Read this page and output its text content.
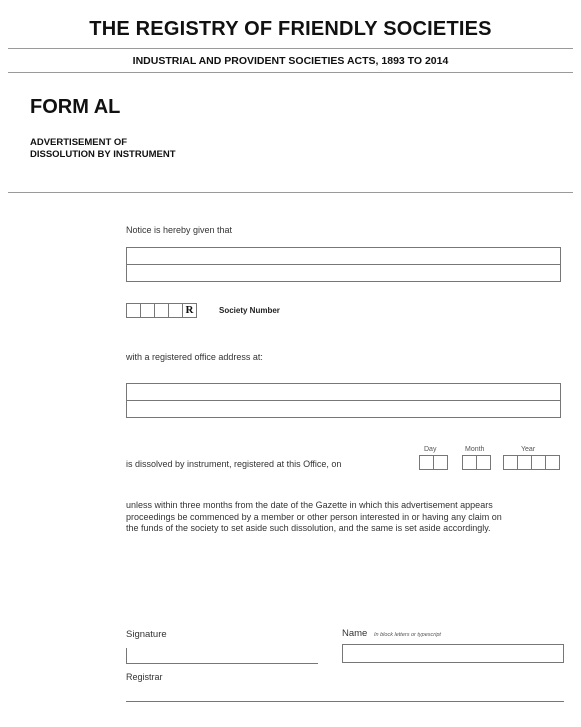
THE REGISTRY OF FRIENDLY SOCIETIES
INDUSTRIAL AND PROVIDENT SOCIETIES ACTS, 1893 TO 2014
FORM AL
ADVERTISEMENT OF
DISSOLUTION BY INSTRUMENT
Notice is hereby given that
R	Society Number
with a registered office address at:
is dissolved by instrument, registered at this Office, on
Day	Month	Year
unless within three months from the date of the Gazette in which this advertisement appears
proceedings be commenced by a member or other person interested in or having any claim on
the funds of the society to set aside such dissolution, and the same is set aside accordingly.
Signature	Name In block letters or typescript
Registrar
